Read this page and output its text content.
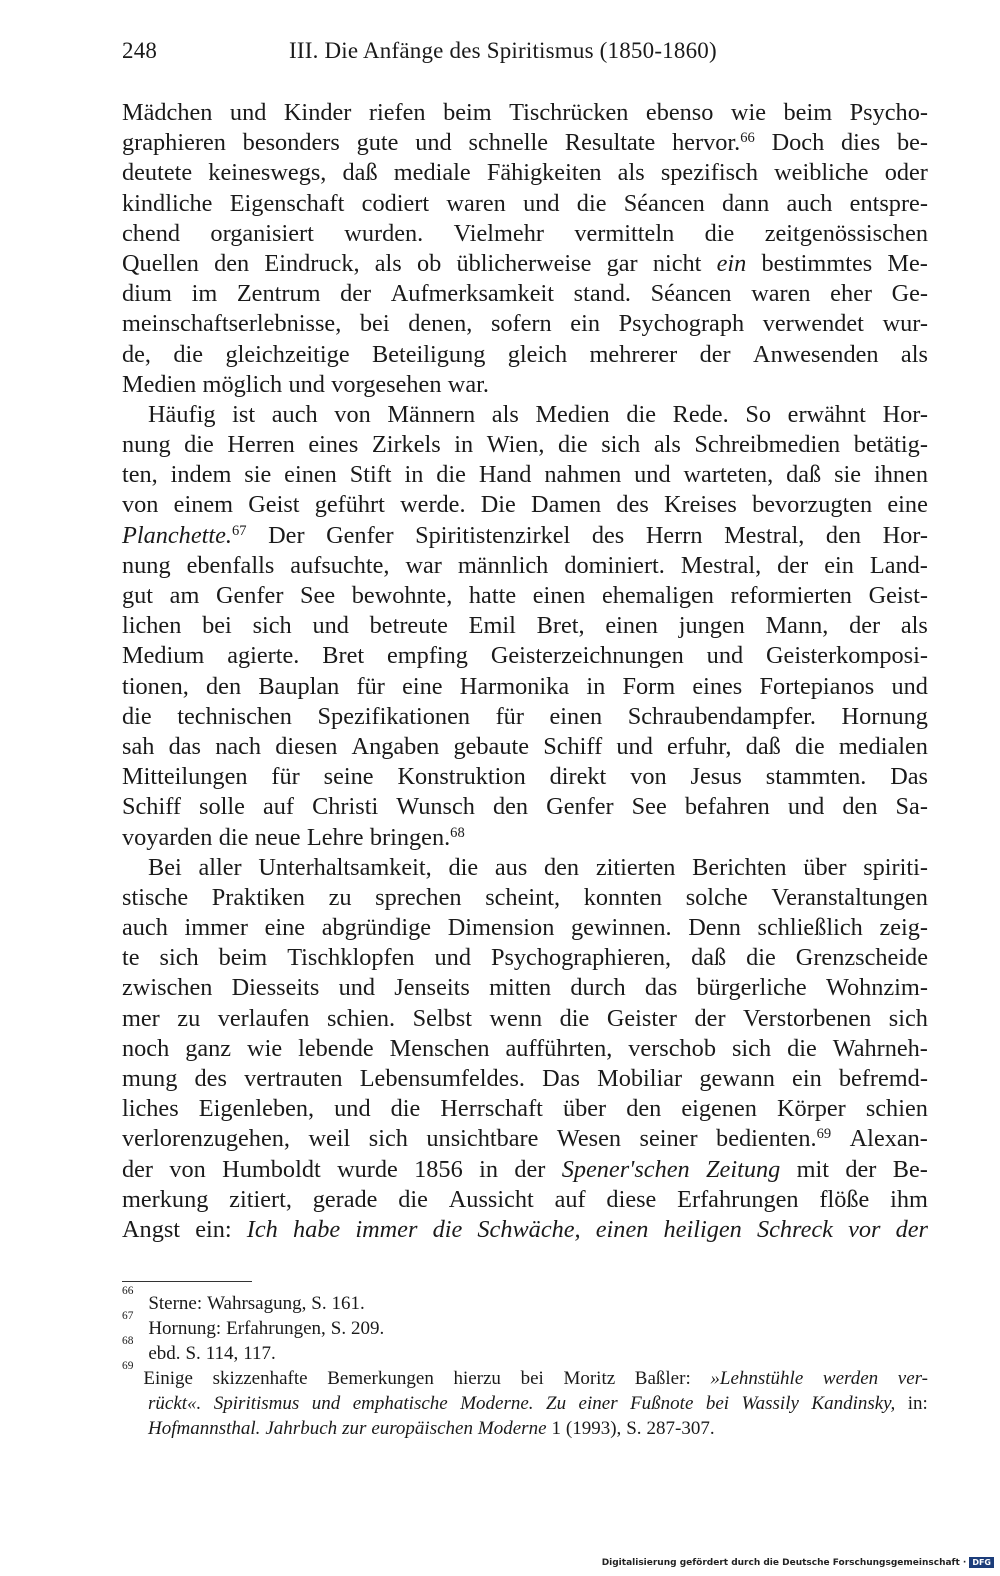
248	III. Die Anfänge des Spiritismus (1850-1860)
Mädchen und Kinder riefen beim Tischrücken ebenso wie beim Psycho-
graphieren besonders gute und schnelle Resultate hervor.$^{66}$ Doch dies be-
deutete keineswegs, daß mediale Fähigkeiten als spezifisch weibliche oder
kindliche Eigenschaft codiert waren und die Séancen dann auch entspre-
chend organisiert wurden. Vielmehr vermitteln die zeitgenössischen
Quellen den Eindruck, als ob üblicherweise gar nicht ein bestimmtes Me-
dium im Zentrum der Aufmerksamkeit stand. Séancen waren eher Ge-
meinschaftserlebnisse, bei denen, sofern ein Psychograph verwendet wur-
de, die gleichzeitige Beteiligung gleich mehrerer der Anwesenden als
Medien möglich und vorgesehen war.
Häufig ist auch von Männern als Medien die Rede. So erwähnt Hor-
nung die Herren eines Zirkels in Wien, die sich als Schreibmedien betätig-
ten, indem sie einen Stift in die Hand nahmen und warteten, daß sie ihnen
von einem Geist geführt werde. Die Damen des Kreises bevorzugten eine
Planchette.$^{67}$ Der Genfer Spiritistenzirkel des Herrn Mestral, den Hor-
nung ebenfalls aufsuchte, war männlich dominiert. Mestral, der ein Land-
gut am Genfer See bewohnte, hatte einen ehemaligen reformierten Geist-
lichen bei sich und betreute Emil Bret, einen jungen Mann, der als
Medium agierte. Bret empfing Geisterzeichnungen und Geisterkomposi-
tionen, den Bauplan für eine Harmonika in Form eines Fortepianos und
die technischen Spezifikationen für einen Schraubendampfer. Hornung
sah das nach diesen Angaben gebaute Schiff und erfuhr, daß die medialen
Mitteilungen für seine Konstruktion direkt von Jesus stammten. Das
Schiff solle auf Christi Wunsch den Genfer See befahren und den Sa-
voyarden die neue Lehre bringen.$^{68}$
Bei aller Unterhaltsamkeit, die aus den zitierten Berichten über spiriti-
stische Praktiken zu sprechen scheint, konnten solche Veranstaltungen
auch immer eine abgründige Dimension gewinnen. Denn schließlich zeig-
te sich beim Tischklopfen und Psychographieren, daß die Grenzscheide
zwischen Diesseits und Jenseits mitten durch das bürgerliche Wohnzim-
mer zu verlaufen schien. Selbst wenn die Geister der Verstorbenen sich
noch ganz wie lebende Menschen aufführten, verschob sich die Wahrneh-
mung des vertrauten Lebensumfeldes. Das Mobiliar gewann ein befremd-
liches Eigenleben, und die Herrschaft über den eigenen Körper schien
verlorenzugehen, weil sich unsichtbare Wesen seiner bedienten.$^{69}$ Alexan-
der von Humboldt wurde 1856 in der Spener'schen Zeitung mit der Be-
merkung zitiert, gerade die Aussicht auf diese Erfahrungen flöße ihm
Angst ein: Ich habe immer die Schwäche, einen heiligen Schreck vor der
66
Sterne: Wahrsagung, S. 161.
67
Hornung: Erfahrungen, S. 209.
68
ebd. S. 114, 117.
69
Einige skizzenhafte Bemerkungen hierzu bei Moritz Baßler: »Lehnstühle werden ver-
rückt«. Spiritismus und emphatische Moderne. Zu einer Fußnote bei Wassily Kandinsky, in:
Hofmannsthal. Jahrbuch zur europäischen Moderne 1 (1993), S. 287-307.
Digitalisierung gefördert durch die Deutsche Forschungsgemeinschaft · DFG
